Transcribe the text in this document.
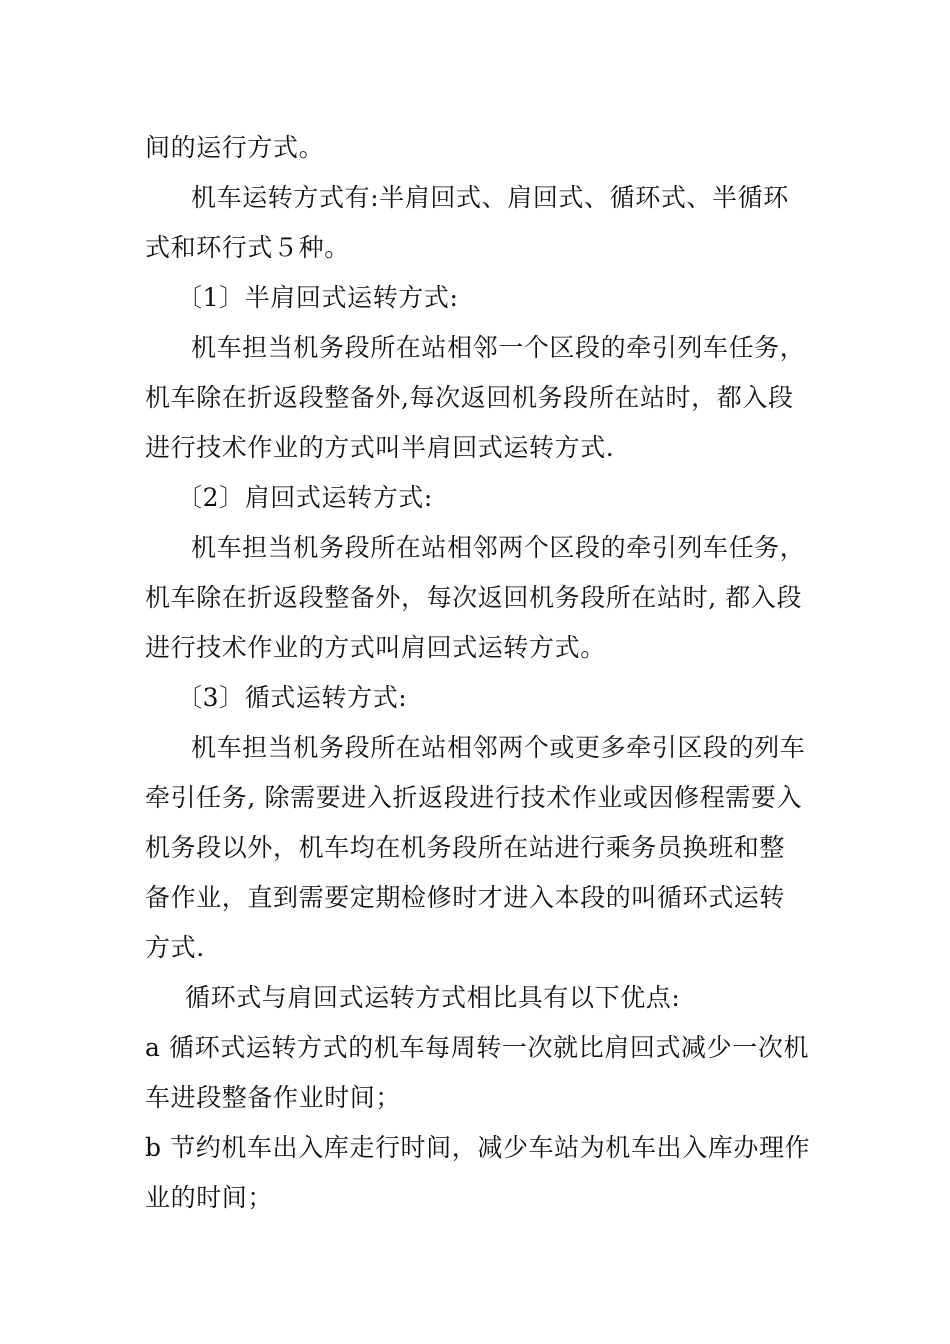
间的运行方式。
机车运转方式有:半肩回式、肩回式、循环式、半循环
式和环行式５种。
〔1〕半肩回式运转方式:
机车担当机务段所在站相邻一个区段的牵引列车任务，
机车除在折返段整备外,每次返回机务段所在站时，都入段
进行技术作业的方式叫半肩回式运转方式.
〔2〕肩回式运转方式:
机车担当机务段所在站相邻两个区段的牵引列车任务，
机车除在折返段整备外，每次返回机务段所在站时, 都入段
进行技术作业的方式叫肩回式运转方式。
〔3〕循式运转方式:
机车担当机务段所在站相邻两个或更多牵引区段的列车
牵引任务, 除需要进入折返段进行技术作业或因修程需要入
机务段以外，机车均在机务段所在站进行乘务员换班和整
备作业，直到需要定期检修时才进入本段的叫循环式运转
方式.
循环式与肩回式运转方式相比具有以下优点:
a 循环式运转方式的机车每周转一次就比肩回式减少一次机
车进段整备作业时间；
b 节约机车出入库走行时间，减少车站为机车出入库办理作
业的时间；
